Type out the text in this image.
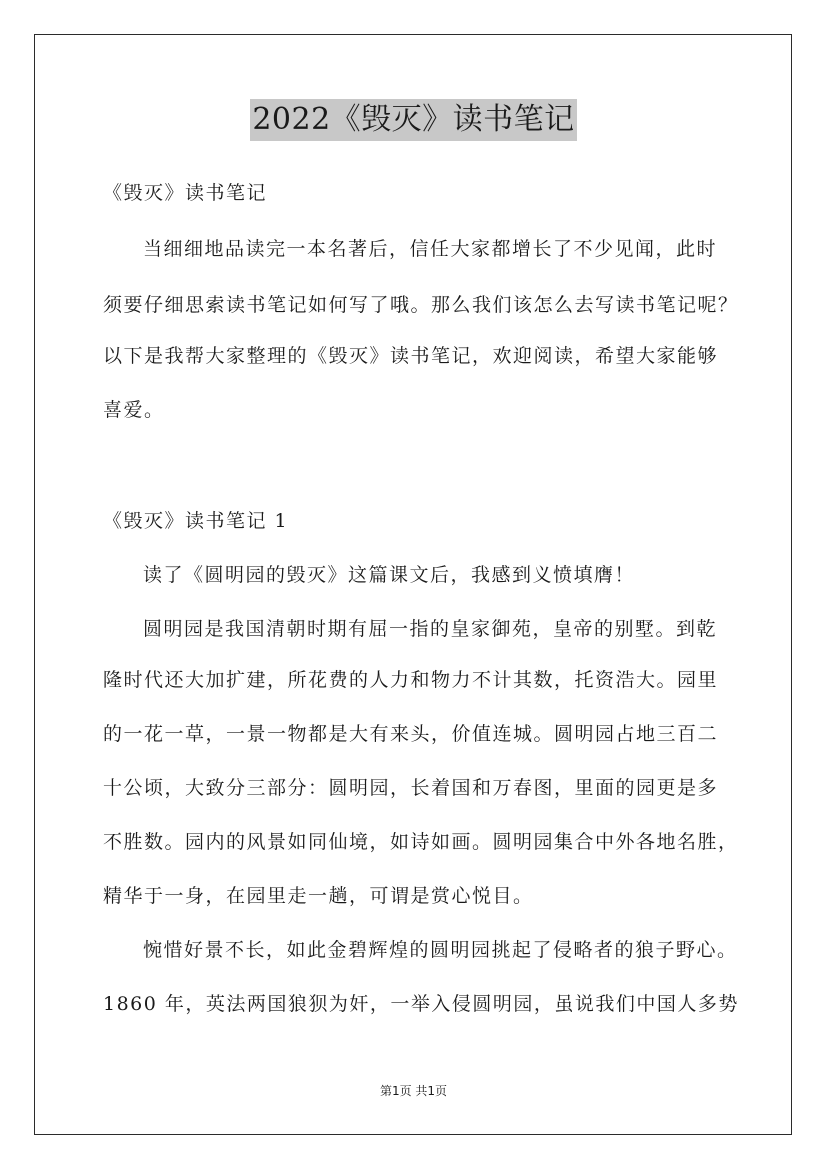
2022《毁灭》读书笔记
《毁灭》读书笔记
当细细地品读完一本名著后，信任大家都增长了不少见闻，此时
须要仔细思索读书笔记如何写了哦。那么我们该怎么去写读书笔记呢？
以下是我帮大家整理的《毁灭》读书笔记，欢迎阅读，希望大家能够
喜爱。
《毁灭》读书笔记 1
读了《圆明园的毁灭》这篇课文后，我感到义愤填膺！
圆明园是我国清朝时期有屈一指的皇家御苑，皇帝的别墅。到乾
隆时代还大加扩建，所花费的人力和物力不计其数，托资浩大。园里
的一花一草，一景一物都是大有来头，价值连城。圆明园占地三百二
十公顷，大致分三部分：圆明园，长着国和万春图，里面的园更是多
不胜数。园内的风景如同仙境，如诗如画。圆明园集合中外各地名胜，
精华于一身，在园里走一趟，可谓是赏心悦目。
惋惜好景不长，如此金碧辉煌的圆明园挑起了侵略者的狼子野心。
1860 年，英法两国狼狈为奸，一举入侵圆明园，虽说我们中国人多势
第1页 共1页
